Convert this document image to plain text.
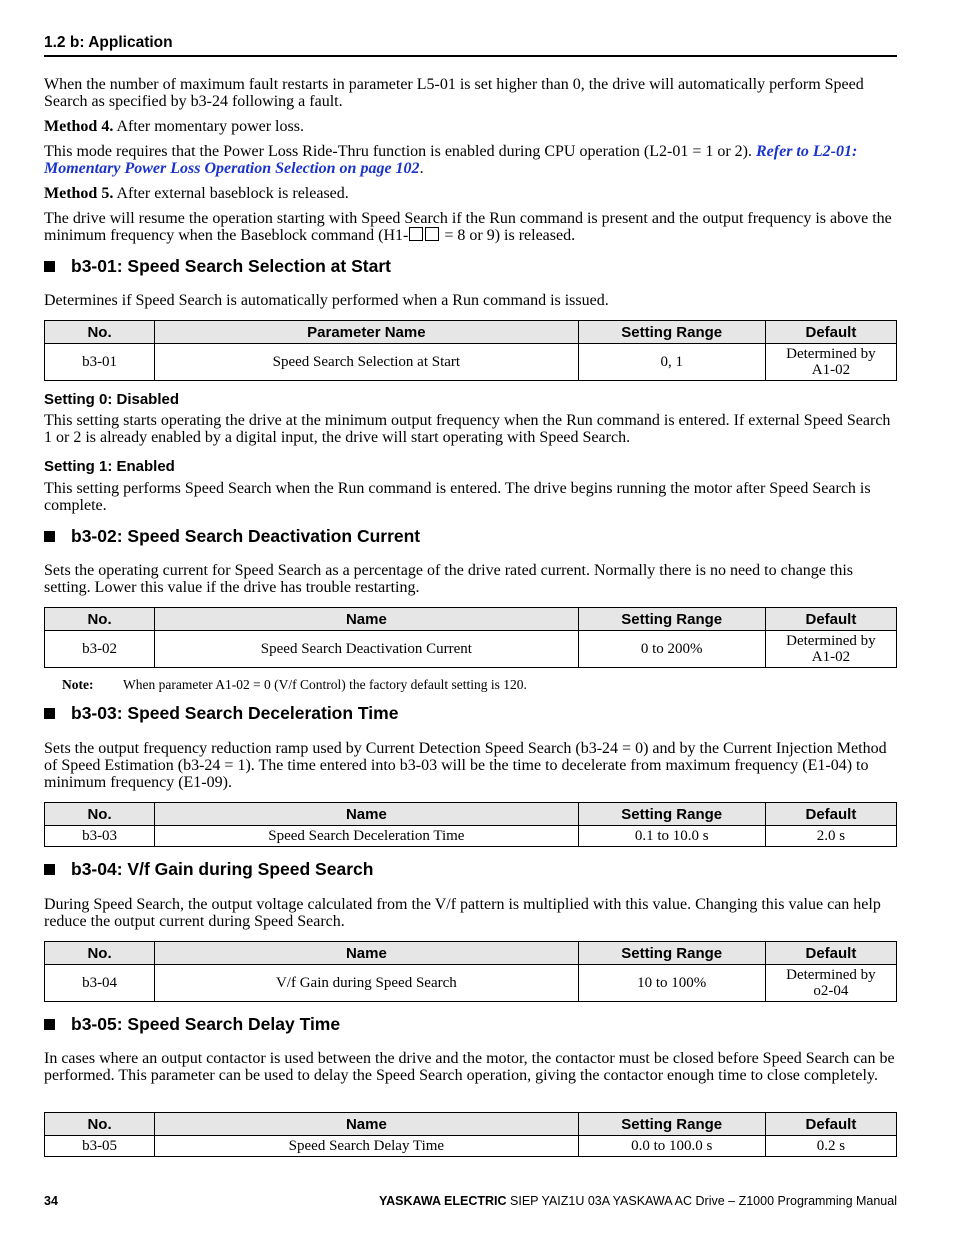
1.2 b: Application

When the number of maximum fault restarts in parameter L5-01 is set higher than 0, the drive will automatically perform Speed Search as specified by b3-24 following a fault.

Method 4. After momentary power loss.

This mode requires that the Power Loss Ride-Thru function is enabled during CPU operation (L2-01 = 1 or 2). Refer to L2-01: Momentary Power Loss Operation Selection on page 102.

Method 5. After external baseblock is released.

The drive will resume the operation starting with Speed Search if the Run command is present and the output frequency is above the minimum frequency when the Baseblock command (H1- = 8 or 9) is released.

b3-01: Speed Search Selection at Start

Determines if Speed Search is automatically performed when a Run command is issued.

No.	Parameter Name	Setting Range	Default
b3-01	Speed Search Selection at Start	0, 1	Determined by A1-02
Setting 0: Disabled

This setting starts operating the drive at the minimum output frequency when the Run command is entered. If external Speed Search 1 or 2 is already enabled by a digital input, the drive will start operating with Speed Search.

Setting 1: Enabled

This setting performs Speed Search when the Run command is entered. The drive begins running the motor after Speed Search is complete.

b3-02: Speed Search Deactivation Current

Sets the operating current for Speed Search as a percentage of the drive rated current. Normally there is no need to change this setting. Lower this value if the drive has trouble restarting.

No.	Name	Setting Range	Default
b3-02	Speed Search Deactivation Current	0 to 200%	Determined by A1-02
Note: When parameter A1-02 = 0 (V/f Control) the factory default setting is 120.
b3-03: Speed Search Deceleration Time

Sets the output frequency reduction ramp used by Current Detection Speed Search (b3-24 = 0) and by the Current Injection Method of Speed Estimation (b3-24 = 1). The time entered into b3-03 will be the time to decelerate from maximum frequency (E1-04) to minimum frequency (E1-09).

No.	Name	Setting Range	Default
b3-03	Speed Search Deceleration Time	0.1 to 10.0 s	2.0 s
b3-04: V/f Gain during Speed Search

During Speed Search, the output voltage calculated from the V/f pattern is multiplied with this value. Changing this value can help reduce the output current during Speed Search.

No.	Name	Setting Range	Default
b3-04	V/f Gain during Speed Search	10 to 100%	Determined by o2-04
b3-05: Speed Search Delay Time

In cases where an output contactor is used between the drive and the motor, the contactor must be closed before Speed Search can be performed. This parameter can be used to delay the Speed Search operation, giving the contactor enough time to close completely.

No.	Name	Setting Range	Default
b3-05	Speed Search Delay Time	0.0 to 100.0 s	0.2 s
34	YASKAWA ELECTRIC SIEP YAIZ1U 03A YASKAWA AC Drive – Z1000 Programming Manual
